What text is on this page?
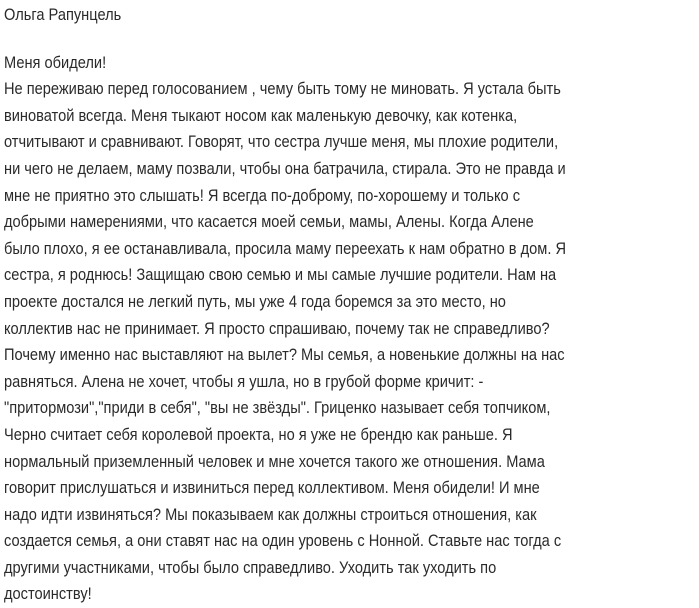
Ольга Рапунцель
Меня обидели!
Не переживаю перед голосованием , чему быть тому не миновать. Я устала быть
виноватой всегда. Меня тыкают носом как маленькую девочку, как котенка,
отчитывают и сравнивают. Говорят, что сестра лучше меня, мы плохие родители,
ни чего не делаем, маму позвали, чтобы она батрачила, стирала. Это не правда и
мне не приятно это слышать! Я всегда по-доброму, по-хорошему и только с
добрыми намерениями, что касается моей семьи, мамы, Алены. Когда Алене
было плохо, я ее останавливала, просила маму переехать к нам обратно в дом. Я
сестра, я роднюсь! Защищаю свою семью и мы самые лучшие родители. Нам на
проекте достался не легкий путь, мы уже 4 года боремся за это место, но
коллектив нас не принимает. Я просто спрашиваю, почему так не справедливо?
Почему именно нас выставляют на вылет? Мы семья, а новенькие должны на нас
равняться. Алена не хочет, чтобы я ушла, но в грубой форме кричит: -
"притормози","приди в себя", "вы не звёзды". Гриценко называет себя топчиком,
Черно считает себя королевой проекта, но я уже не брендю как раньше. Я
нормальный приземленный человек и мне хочется такого же отношения. Мама
говорит прислушаться и извиниться перед коллективом. Меня обидели! И мне
надо идти извиняться? Мы показываем как должны строиться отношения, как
создается семья, а они ставят нас на один уровень с Нонной. Ставьте нас тогда с
другими участниками, чтобы было справедливо. Уходить так уходить по
достоинству!
